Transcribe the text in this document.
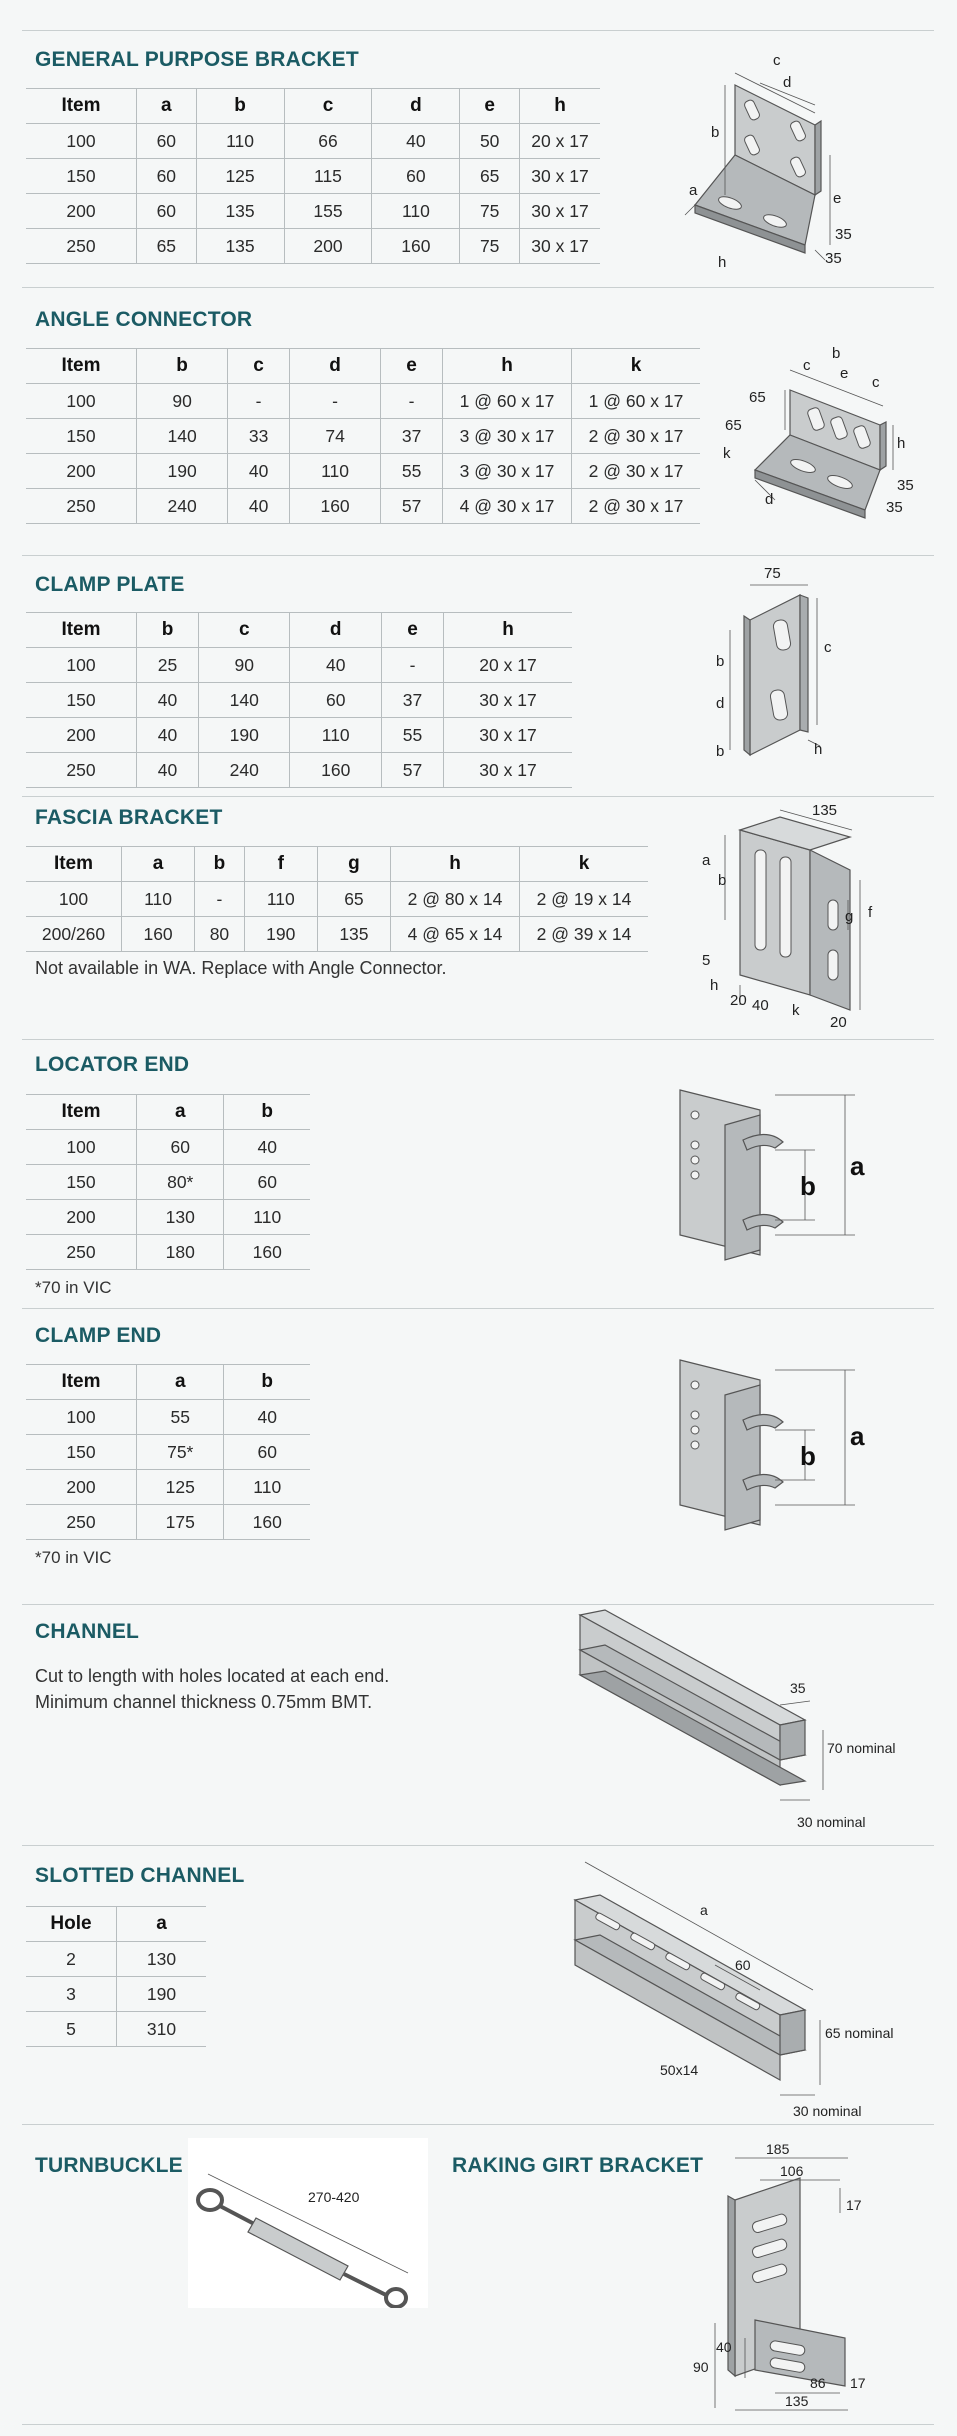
GENERAL PURPOSE BRACKET
Item	a	b	c	d	e	h
100	60	110	66	40	50	20 x 17
150	60	125	115	60	65	30 x 17
200	60	135	155	110	75	30 x 17
250	65	135	200	160	75	30 x 17
c
d
b
e
a
h
35
35
ANGLE CONNECTOR
Item	b	c	d	e	h	k
100	90	-	-	-	1 @ 60 x 17	1 @ 60 x 17
150	140	33	74	37	3 @ 30 x 17	2 @ 30 x 17
200	190	40	110	55	3 @ 30 x 17	2 @ 30 x 17
250	240	40	160	57	4 @ 30 x 17	2 @ 30 x 17
b
c e
c
h
k
d
65
65
35
35
CLAMP PLATE
Item	b	c	d	e	h
100	25	90	40	-	20 x 17
150	40	140	60	37	30 x 17
200	40	190	110	55	30 x 17
250	40	240	160	57	30 x 17
75
c
b
d
b	h
FASCIA BRACKET
Item	a	b	f	g	h	k
100	110	-	110	65	2 @ 80 x 14	2 @ 19 x 14
200/260	160	80	190	135	4 @ 65 x 14	2 @ 39 x 14
Not available in WA. Replace with Angle Connector.
135
a
b
5
h
g f
20 40 k
20
LOCATOR END
Item	a	b
100	60	40
150	80*	60
200	130	110
250	180	160
*70 in VIC
b
a
CLAMP END
Item	a	b
100	55	40
150	75*	60
200	125	110
250	175	160
*70 in VIC
b
a
CHANNEL
Cut to length with holes located at each end.
Minimum channel thickness 0.75mm BMT.
35
70 nominal
30 nominal
SLOTTED CHANNEL
Hole	a
2	130
3	190
5	310
a
60
65 nominal
50x14
30 nominal
TURNBUCKLE
270-420
RAKING GIRT BRACKET
185
106
17
90
40
86 17
135
